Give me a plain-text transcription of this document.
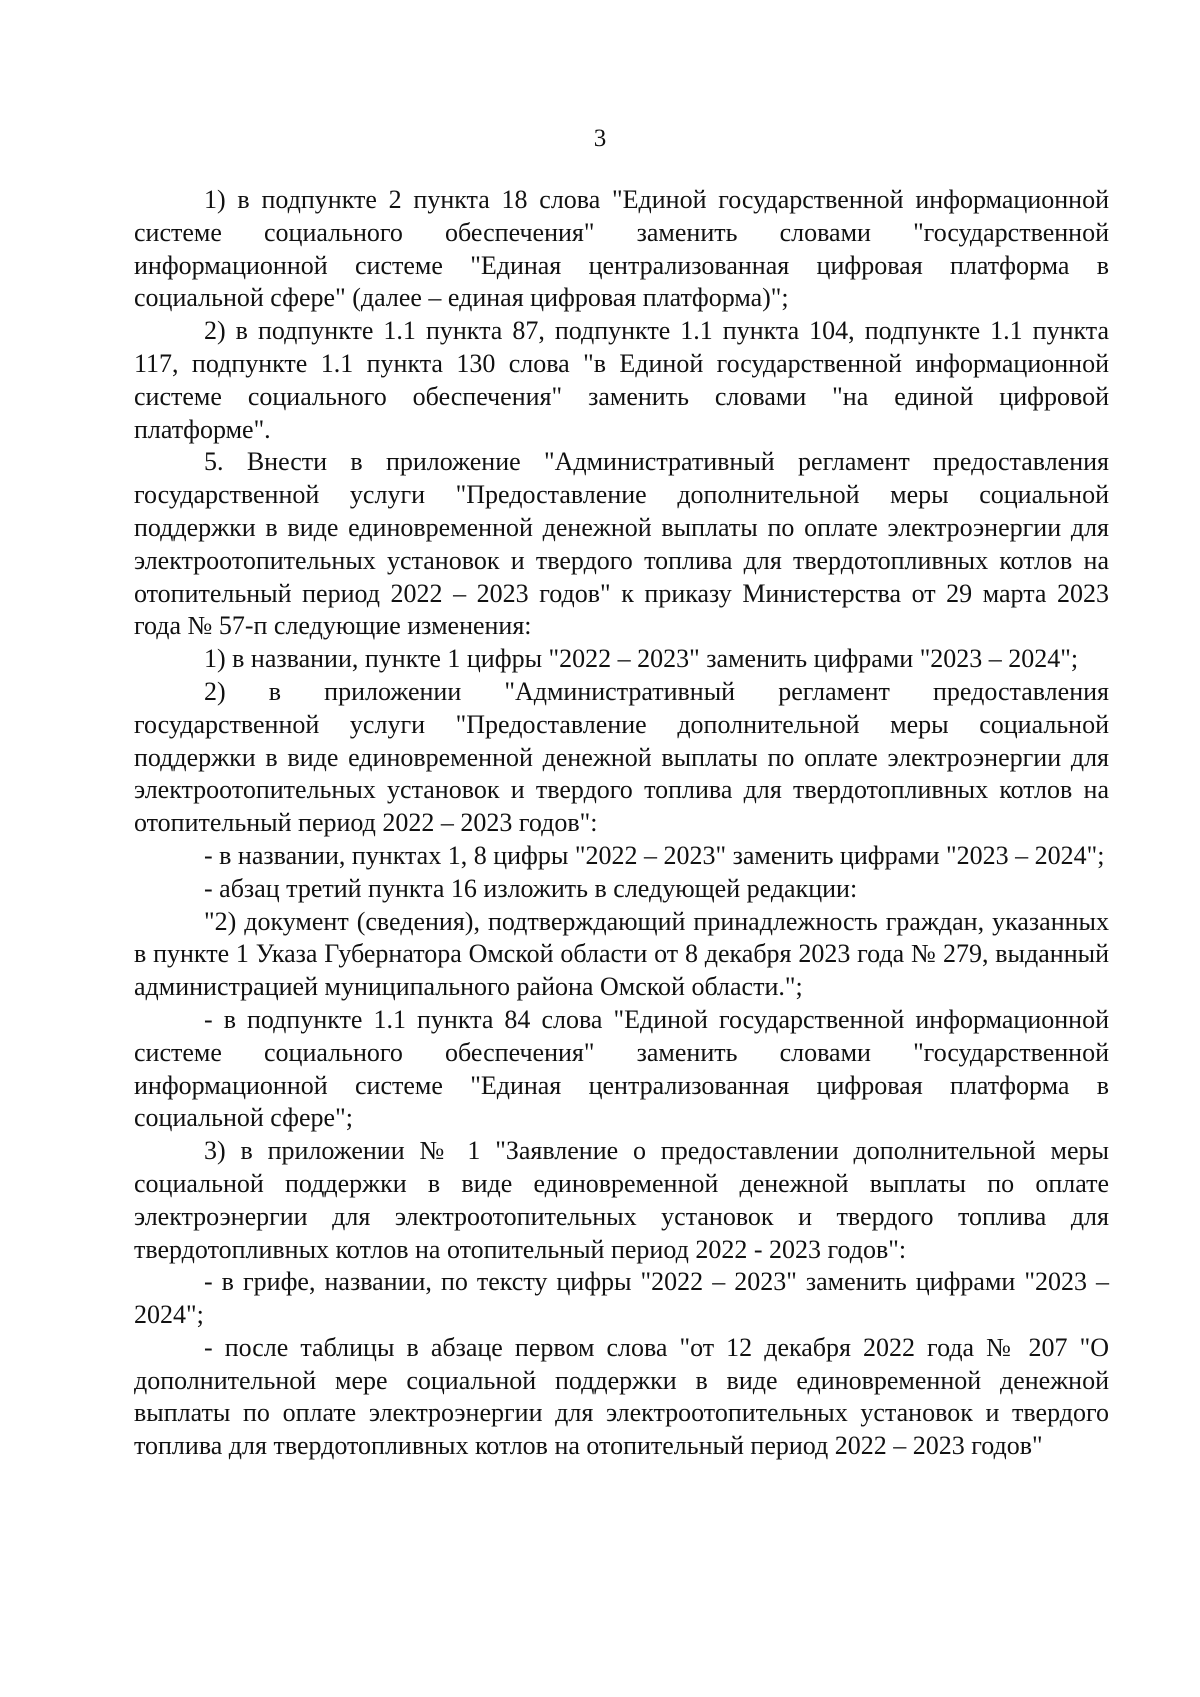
3

1) в подпункте 2 пункта 18 слова "Единой государственной информационной системе социального обеспечения" заменить словами "государственной информационной системе "Единая централизованная цифровая платформа в социальной сфере" (далее – единая цифровая платформа)";

2) в подпункте 1.1 пункта 87, подпункте 1.1 пункта 104, подпункте 1.1 пункта 117, подпункте 1.1 пункта 130 слова "в Единой государственной информационной системе социального обеспечения" заменить словами "на единой цифровой платформе".

5. Внести в приложение "Административный регламент предоставления государственной услуги "Предоставление дополнительной меры социальной поддержки в виде единовременной денежной выплаты по оплате электроэнергии для электроотопительных установок и твердого топлива для твердотопливных котлов на отопительный период 2022 – 2023 годов" к приказу Министерства от 29 марта 2023 года № 57-п следующие изменения:

1) в названии, пункте 1 цифры "2022 – 2023" заменить цифрами "2023 – 2024";

2) в приложении "Административный регламент предоставления государственной услуги "Предоставление дополнительной меры социальной поддержки в виде единовременной денежной выплаты по оплате электроэнергии для электроотопительных установок и твердого топлива для твердотопливных котлов на отопительный период 2022 – 2023 годов":

- в названии, пунктах 1, 8 цифры "2022 – 2023" заменить цифрами "2023 – 2024";

- абзац третий пункта 16 изложить в следующей редакции:

"2) документ (сведения), подтверждающий принадлежность граждан, указанных в пункте 1 Указа Губернатора Омской области от 8 декабря 2023 года № 279, выданный администрацией муниципального района Омской области.";

- в подпункте 1.1 пункта 84 слова "Единой государственной информационной системе социального обеспечения" заменить словами "государственной информационной системе "Единая централизованная цифровая платформа в социальной сфере";

3) в приложении № 1 "Заявление о предоставлении дополнительной меры социальной поддержки в виде единовременной денежной выплаты по оплате электроэнергии для электроотопительных установок и твердого топлива для твердотопливных котлов на отопительный период 2022 - 2023 годов":

- в грифе, названии, по тексту цифры "2022 – 2023" заменить цифрами "2023 – 2024";

- после таблицы в абзаце первом слова "от 12 декабря 2022 года № 207 "О дополнительной мере социальной поддержки в виде единовременной денежной выплаты по оплате электроэнергии для электроотопительных установок и твердого топлива для твердотопливных котлов на отопительный период 2022 – 2023 годов"
